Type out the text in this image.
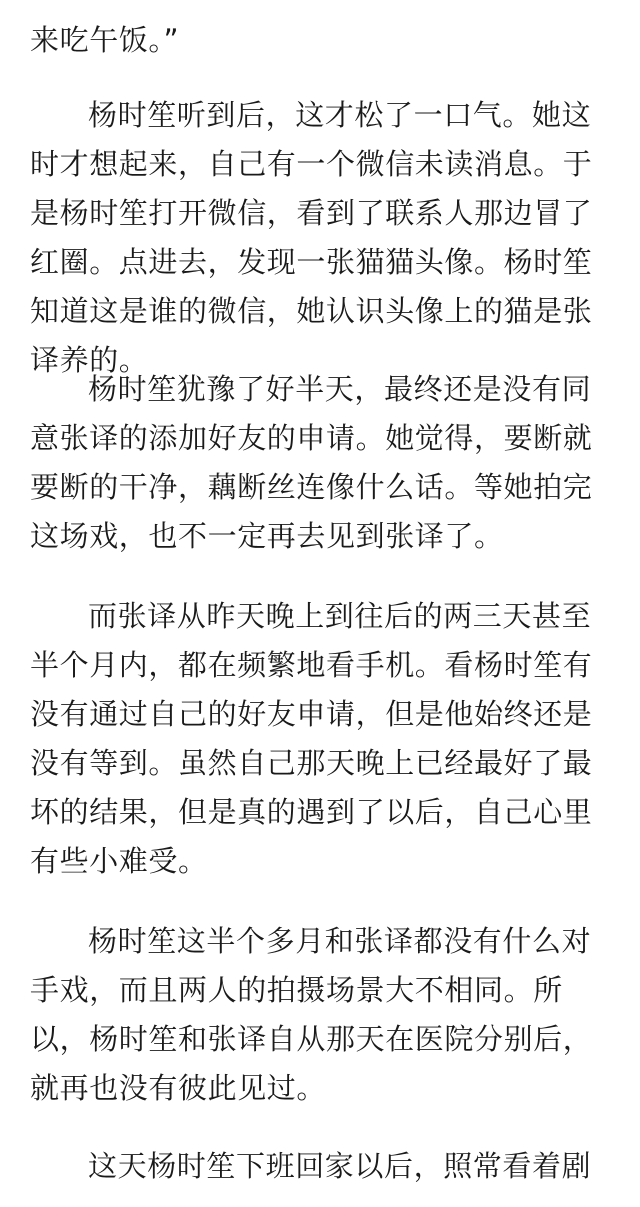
来吃午饭。”

杨时笙听到后，这才松了一口气。她这时才想起来，自己有一个微信未读消息。于是杨时笙打开微信，看到了联系人那边冒了红圈。点进去，发现一张猫猫头像。杨时笙知道这是谁的微信，她认识头像上的猫是张译养的。

杨时笙犹豫了好半天，最终还是没有同意张译的添加好友的申请。她觉得，要断就要断的干净，藕断丝连像什么话。等她拍完这场戏，也不一定再去见到张译了。

而张译从昨天晚上到往后的两三天甚至半个月内，都在频繁地看手机。看杨时笙有没有通过自己的好友申请，但是他始终还是没有等到。虽然自己那天晚上已经最好了最坏的结果，但是真的遇到了以后，自己心里有些小难受。

杨时笙这半个多月和张译都没有什么对手戏，而且两人的拍摄场景大不相同。所以，杨时笙和张译自从那天在医院分别后，就再也没有彼此见过。

这天杨时笙下班回家以后，照常看着剧
